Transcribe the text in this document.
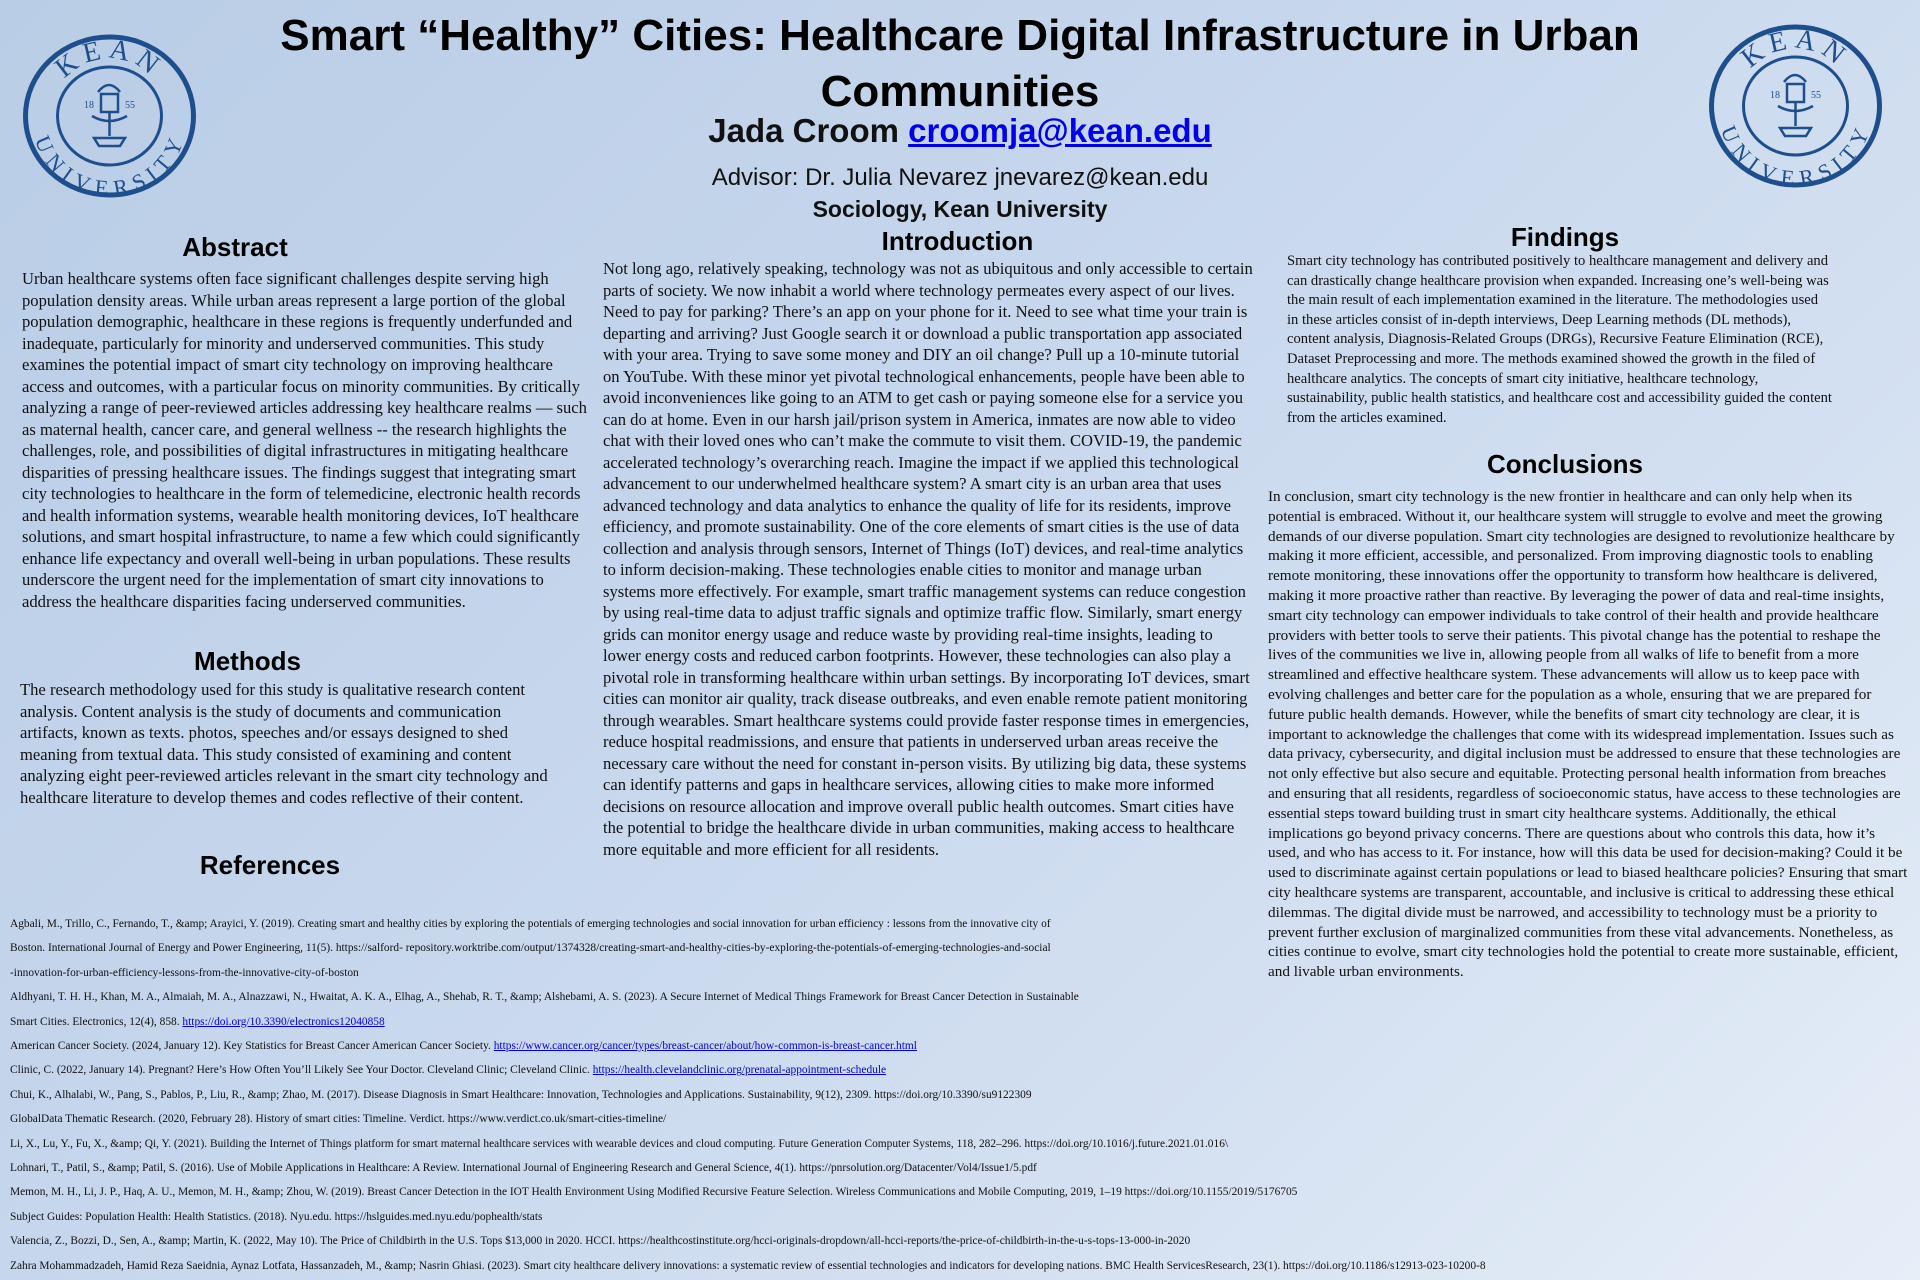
KEAN
UNIVERSITY
18	55
KEAN
UNIVERSITY
18	55
Smart “Healthy” Cities: Healthcare Digital Infrastructure in Urban Communities
Jada Croom croomja@kean.edu
Advisor: Dr. Julia Nevarez jnevarez@kean.edu
Sociology, Kean University
Abstract
Urban healthcare systems often face significant challenges despite serving high population density areas. While urban areas represent a large portion of the global population demographic, healthcare in these regions is frequently underfunded and inadequate, particularly for minority and underserved communities. This study examines the potential impact of smart city technology on improving healthcare access and outcomes, with a particular focus on minority communities. By critically analyzing a range of peer-reviewed articles addressing key healthcare realms — such as maternal health, cancer care, and general wellness -- the research highlights the challenges, role, and possibilities of digital infrastructures in mitigating healthcare disparities of pressing healthcare issues. The findings suggest that integrating smart city technologies to healthcare in the form of telemedicine, electronic health records and health information systems, wearable health monitoring devices, IoT healthcare solutions, and smart hospital infrastructure, to name a few which could significantly enhance life expectancy and overall well-being in urban populations. These results underscore the urgent need for the implementation of smart city innovations to address the healthcare disparities facing underserved communities.
Methods
The research methodology used for this study is qualitative research content analysis. Content analysis is the study of documents and communication artifacts, known as texts. photos, speeches and/or essays designed to shed meaning from textual data. This study consisted of examining and content analyzing eight peer-reviewed articles relevant in the smart city technology and healthcare literature to develop themes and codes reflective of their content.
References
Agbali, M., Trillo, C., Fernando, T., &amp; Arayici, Y. (2019). Creating smart and healthy cities by exploring the potentials of emerging technologies and social innovation for urban efficiency : lessons from the innovative city of
Boston. International Journal of Energy and Power Engineering, 11(5). https://salford- repository.worktribe.com/output/1374328/creating-smart-and-healthy-cities-by-exploring-the-potentials-of-emerging-technologies-and-social
-innovation-for-urban-efficiency-lessons-from-the-innovative-city-of-boston
Aldhyani, T. H. H., Khan, M. A., Almaiah, M. A., Alnazzawi, N., Hwaitat, A. K. A., Elhag, A., Shehab, R. T., &amp; Alshebami, A. S. (2023). A Secure Internet of Medical Things Framework for Breast Cancer Detection in Sustainable
Smart Cities. Electronics, 12(4), 858. https://doi.org/10.3390/electronics12040858
American Cancer Society. (2024, January 12). Key Statistics for Breast Cancer American Cancer Society. https://www.cancer.org/cancer/types/breast-cancer/about/how-common-is-breast-cancer.html
Clinic, C. (2022, January 14). Pregnant? Here’s How Often You’ll Likely See Your Doctor. Cleveland Clinic; Cleveland Clinic. https://health.clevelandclinic.org/prenatal-appointment-schedule
Chui, K., Alhalabi, W., Pang, S., Pablos, P., Liu, R., &amp; Zhao, M. (2017). Disease Diagnosis in Smart Healthcare: Innovation, Technologies and Applications. Sustainability, 9(12), 2309. https://doi.org/10.3390/su9122309
GlobalData Thematic Research. (2020, February 28). History of smart cities: Timeline. Verdict. https://www.verdict.co.uk/smart-cities-timeline/
Li, X., Lu, Y., Fu, X., &amp; Qi, Y. (2021). Building the Internet of Things platform for smart maternal healthcare services with wearable devices and cloud computing. Future Generation Computer Systems, 118, 282–296. https://doi.org/10.1016/j.future.2021.01.016\
Lohnari, T., Patil, S., &amp; Patil, S. (2016). Use of Mobile Applications in Healthcare: A Review. International Journal of Engineering Research and General Science, 4(1). https://pnrsolution.org/Datacenter/Vol4/Issue1/5.pdf
Memon, M. H., Li, J. P., Haq, A. U., Memon, M. H., &amp; Zhou, W. (2019). Breast Cancer Detection in the IOT Health Environment Using Modified Recursive Feature Selection. Wireless Communications and Mobile Computing, 2019, 1–19 https://doi.org/10.1155/2019/5176705
Subject Guides: Population Health: Health Statistics. (2018). Nyu.edu. https://hslguides.med.nyu.edu/pophealth/stats
Valencia, Z., Bozzi, D., Sen, A., &amp; Martin, K. (2022, May 10). The Price of Childbirth in the U.S. Tops $13,000 in 2020. HCCI. https://healthcostinstitute.org/hcci-originals-dropdown/all-hcci-reports/the-price-of-childbirth-in-the-u-s-tops-13-000-in-2020
Zahra Mohammadzadeh, Hamid Reza Saeidnia, Aynaz Lotfata, Hassanzadeh, M., &amp; Nasrin Ghiasi. (2023). Smart city healthcare delivery innovations: a systematic review of essential technologies and indicators for developing nations. BMC Health ServicesResearch, 23(1). https://doi.org/10.1186/s12913-023-10200-8
Introduction
Not long ago, relatively speaking, technology was not as ubiquitous and only accessible to certain parts of society. We now inhabit a world where technology permeates every aspect of our lives. Need to pay for parking? There’s an app on your phone for it. Need to see what time your train is departing and arriving? Just Google search it or download a public transportation app associated with your area. Trying to save some money and DIY an oil change? Pull up a 10-minute tutorial on YouTube. With these minor yet pivotal technological enhancements, people have been able to avoid inconveniences like going to an ATM to get cash or paying someone else for a service you can do at home. Even in our harsh jail/prison system in America, inmates are now able to video chat with their loved ones who can’t make the commute to visit them. COVID-19, the pandemic accelerated technology’s overarching reach. Imagine the impact if we applied this technological advancement to our underwhelmed healthcare system? A smart city is an urban area that uses advanced technology and data analytics to enhance the quality of life for its residents, improve efficiency, and promote sustainability. One of the core elements of smart cities is the use of data collection and analysis through sensors, Internet of Things (IoT) devices, and real-time analytics to inform decision-making. These technologies enable cities to monitor and manage urban systems more effectively. For example, smart traffic management systems can reduce congestion by using real-time data to adjust traffic signals and optimize traffic flow. Similarly, smart energy grids can monitor energy usage and reduce waste by providing real-time insights, leading to lower energy costs and reduced carbon footprints. However, these technologies can also play a pivotal role in transforming healthcare within urban settings. By incorporating IoT devices, smart cities can monitor air quality, track disease outbreaks, and even enable remote patient monitoring through wearables. Smart healthcare systems could provide faster response times in emergencies, reduce hospital readmissions, and ensure that patients in underserved urban areas receive the necessary care without the need for constant in-person visits. By utilizing big data, these systems can identify patterns and gaps in healthcare services, allowing cities to make more informed decisions on resource allocation and improve overall public health outcomes. Smart cities have the potential to bridge the healthcare divide in urban communities, making access to healthcare more equitable and more efficient for all residents.
Findings
Smart city technology has contributed positively to healthcare management and delivery and can drastically change healthcare provision when expanded. Increasing one’s well-being was the main result of each implementation examined in the literature. The methodologies used in these articles consist of in-depth interviews, Deep Learning methods (DL methods), content analysis, Diagnosis-Related Groups (DRGs), Recursive Feature Elimination (RCE), Dataset Preprocessing and more. The methods examined showed the growth in the filed of healthcare analytics. The concepts of smart city initiative, healthcare technology, sustainability, public health statistics, and healthcare cost and accessibility guided the content from the articles examined.
Conclusions
In conclusion, smart city technology is the new frontier in healthcare and can only help when its potential is embraced. Without it, our healthcare system will struggle to evolve and meet the growing demands of our diverse population. Smart city technologies are designed to revolutionize healthcare by making it more efficient, accessible, and personalized. From improving diagnostic tools to enabling remote monitoring, these innovations offer the opportunity to transform how healthcare is delivered, making it more proactive rather than reactive. By leveraging the power of data and real-time insights, smart city technology can empower individuals to take control of their health and provide healthcare providers with better tools to serve their patients. This pivotal change has the potential to reshape the lives of the communities we live in, allowing people from all walks of life to benefit from a more streamlined and effective healthcare system. These advancements will allow us to keep pace with evolving challenges and better care for the population as a whole, ensuring that we are prepared for future public health demands. However, while the benefits of smart city technology are clear, it is important to acknowledge the challenges that come with its widespread implementation. Issues such as data privacy, cybersecurity, and digital inclusion must be addressed to ensure that these technologies are not only effective but also secure and equitable. Protecting personal health information from breaches and ensuring that all residents, regardless of socioeconomic status, have access to these technologies are essential steps toward building trust in smart city healthcare systems. Additionally, the ethical implications go beyond privacy concerns. There are questions about who controls this data, how it’s used, and who has access to it. For instance, how will this data be used for decision-making? Could it be used to discriminate against certain populations or lead to biased healthcare policies? Ensuring that smart city healthcare systems are transparent, accountable, and inclusive is critical to addressing these ethical dilemmas. The digital divide must be narrowed, and accessibility to technology must be a priority to prevent further exclusion of marginalized communities from these vital advancements. Nonetheless, as cities continue to evolve, smart city technologies hold the potential to create more sustainable, efficient, and livable urban environments.
